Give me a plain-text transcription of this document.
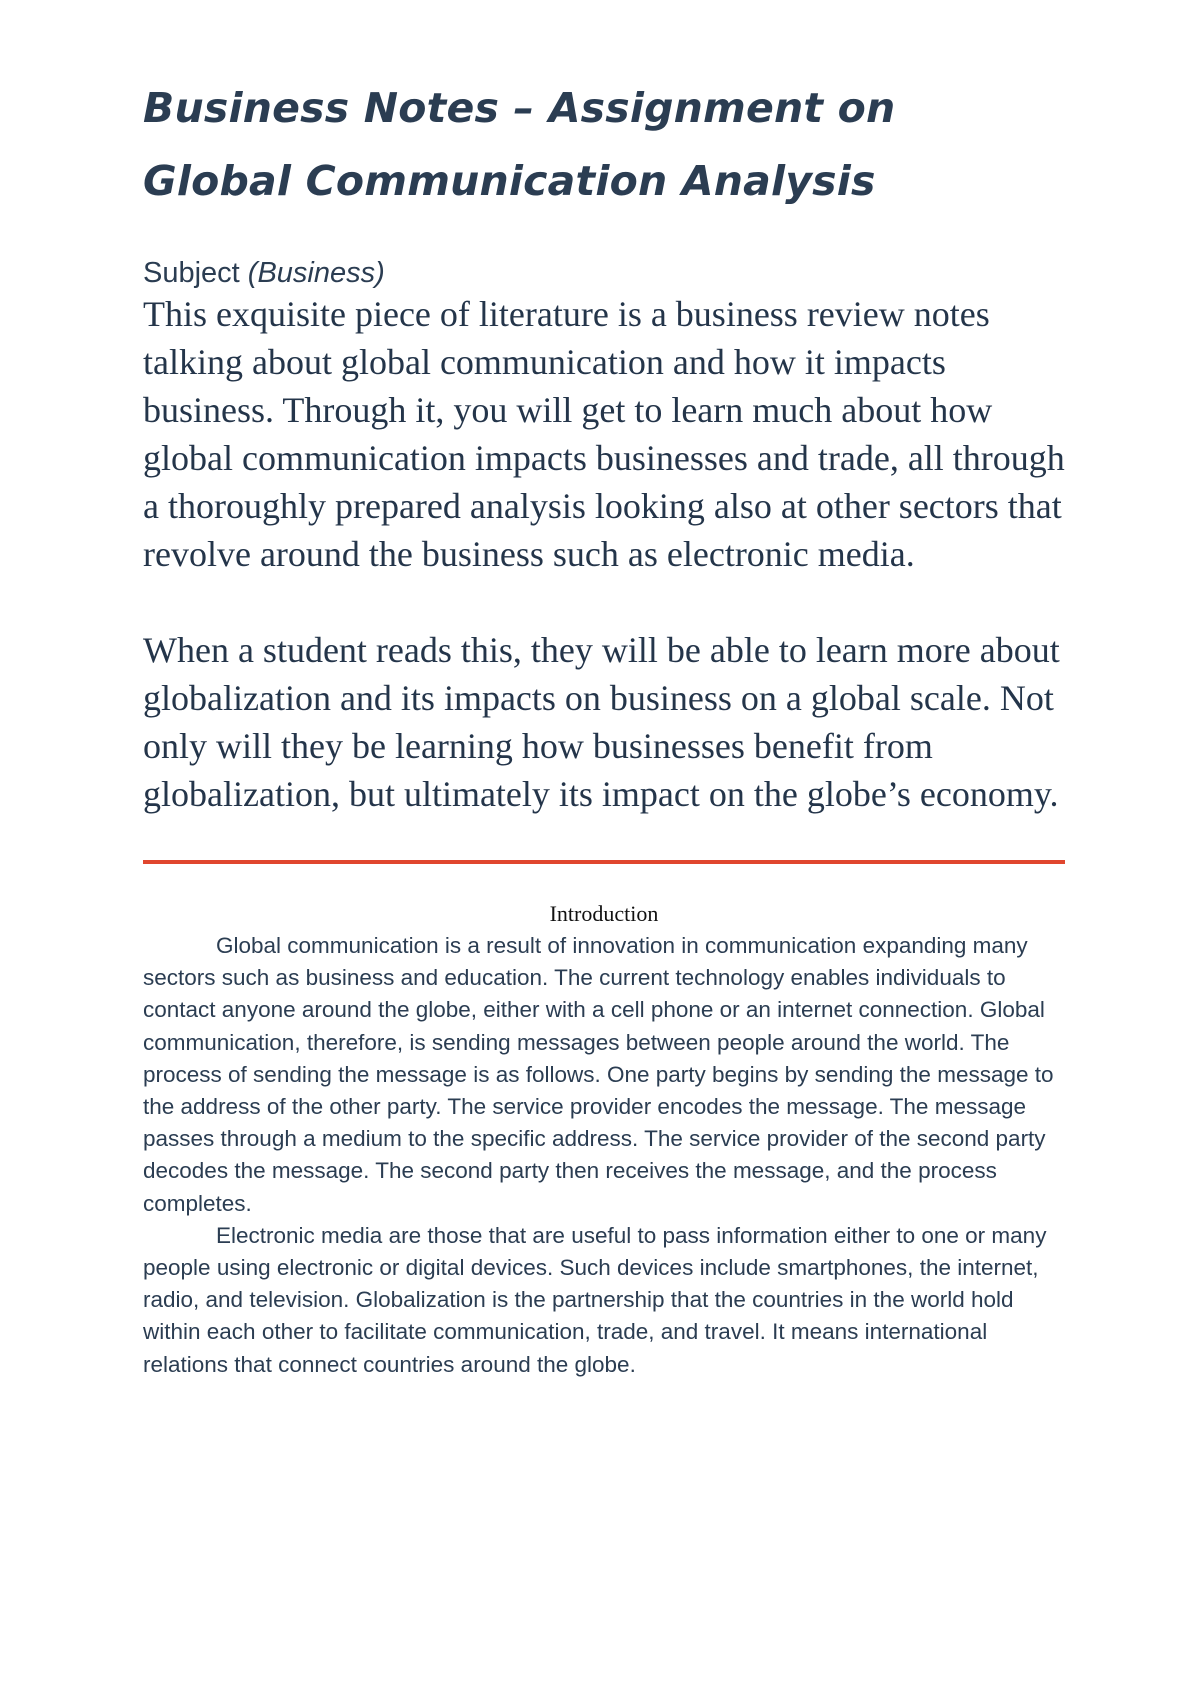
Business Notes – Assignment on
Global Communication Analysis

Subject (Business)

This exquisite piece of literature is a business review notes talking about global communication and how it impacts business. Through it, you will get to learn much about how global communication impacts businesses and trade, all through a thoroughly prepared analysis looking also at other sectors that revolve around the business such as electronic media.

When a student reads this, they will be able to learn more about globalization and its impacts on business on a global scale. Not only will they be learning how businesses benefit from globalization, but ultimately its impact on the globe’s economy.

Introduction

Global communication is a result of innovation in communication expanding many sectors such as business and education. The current technology enables individuals to contact anyone around the globe, either with a cell phone or an internet connection. Global communication, therefore, is sending messages between people around the world. The process of sending the message is as follows. One party begins by sending the message to the address of the other party. The service provider encodes the message. The message passes through a medium to the specific address. The service provider of the second party decodes the message. The second party then receives the message, and the process completes.

Electronic media are those that are useful to pass information either to one or many people using electronic or digital devices. Such devices include smartphones, the internet, radio, and television. Globalization is the partnership that the countries in the world hold within each other to facilitate communication, trade, and travel. It means international relations that connect countries around the globe.
